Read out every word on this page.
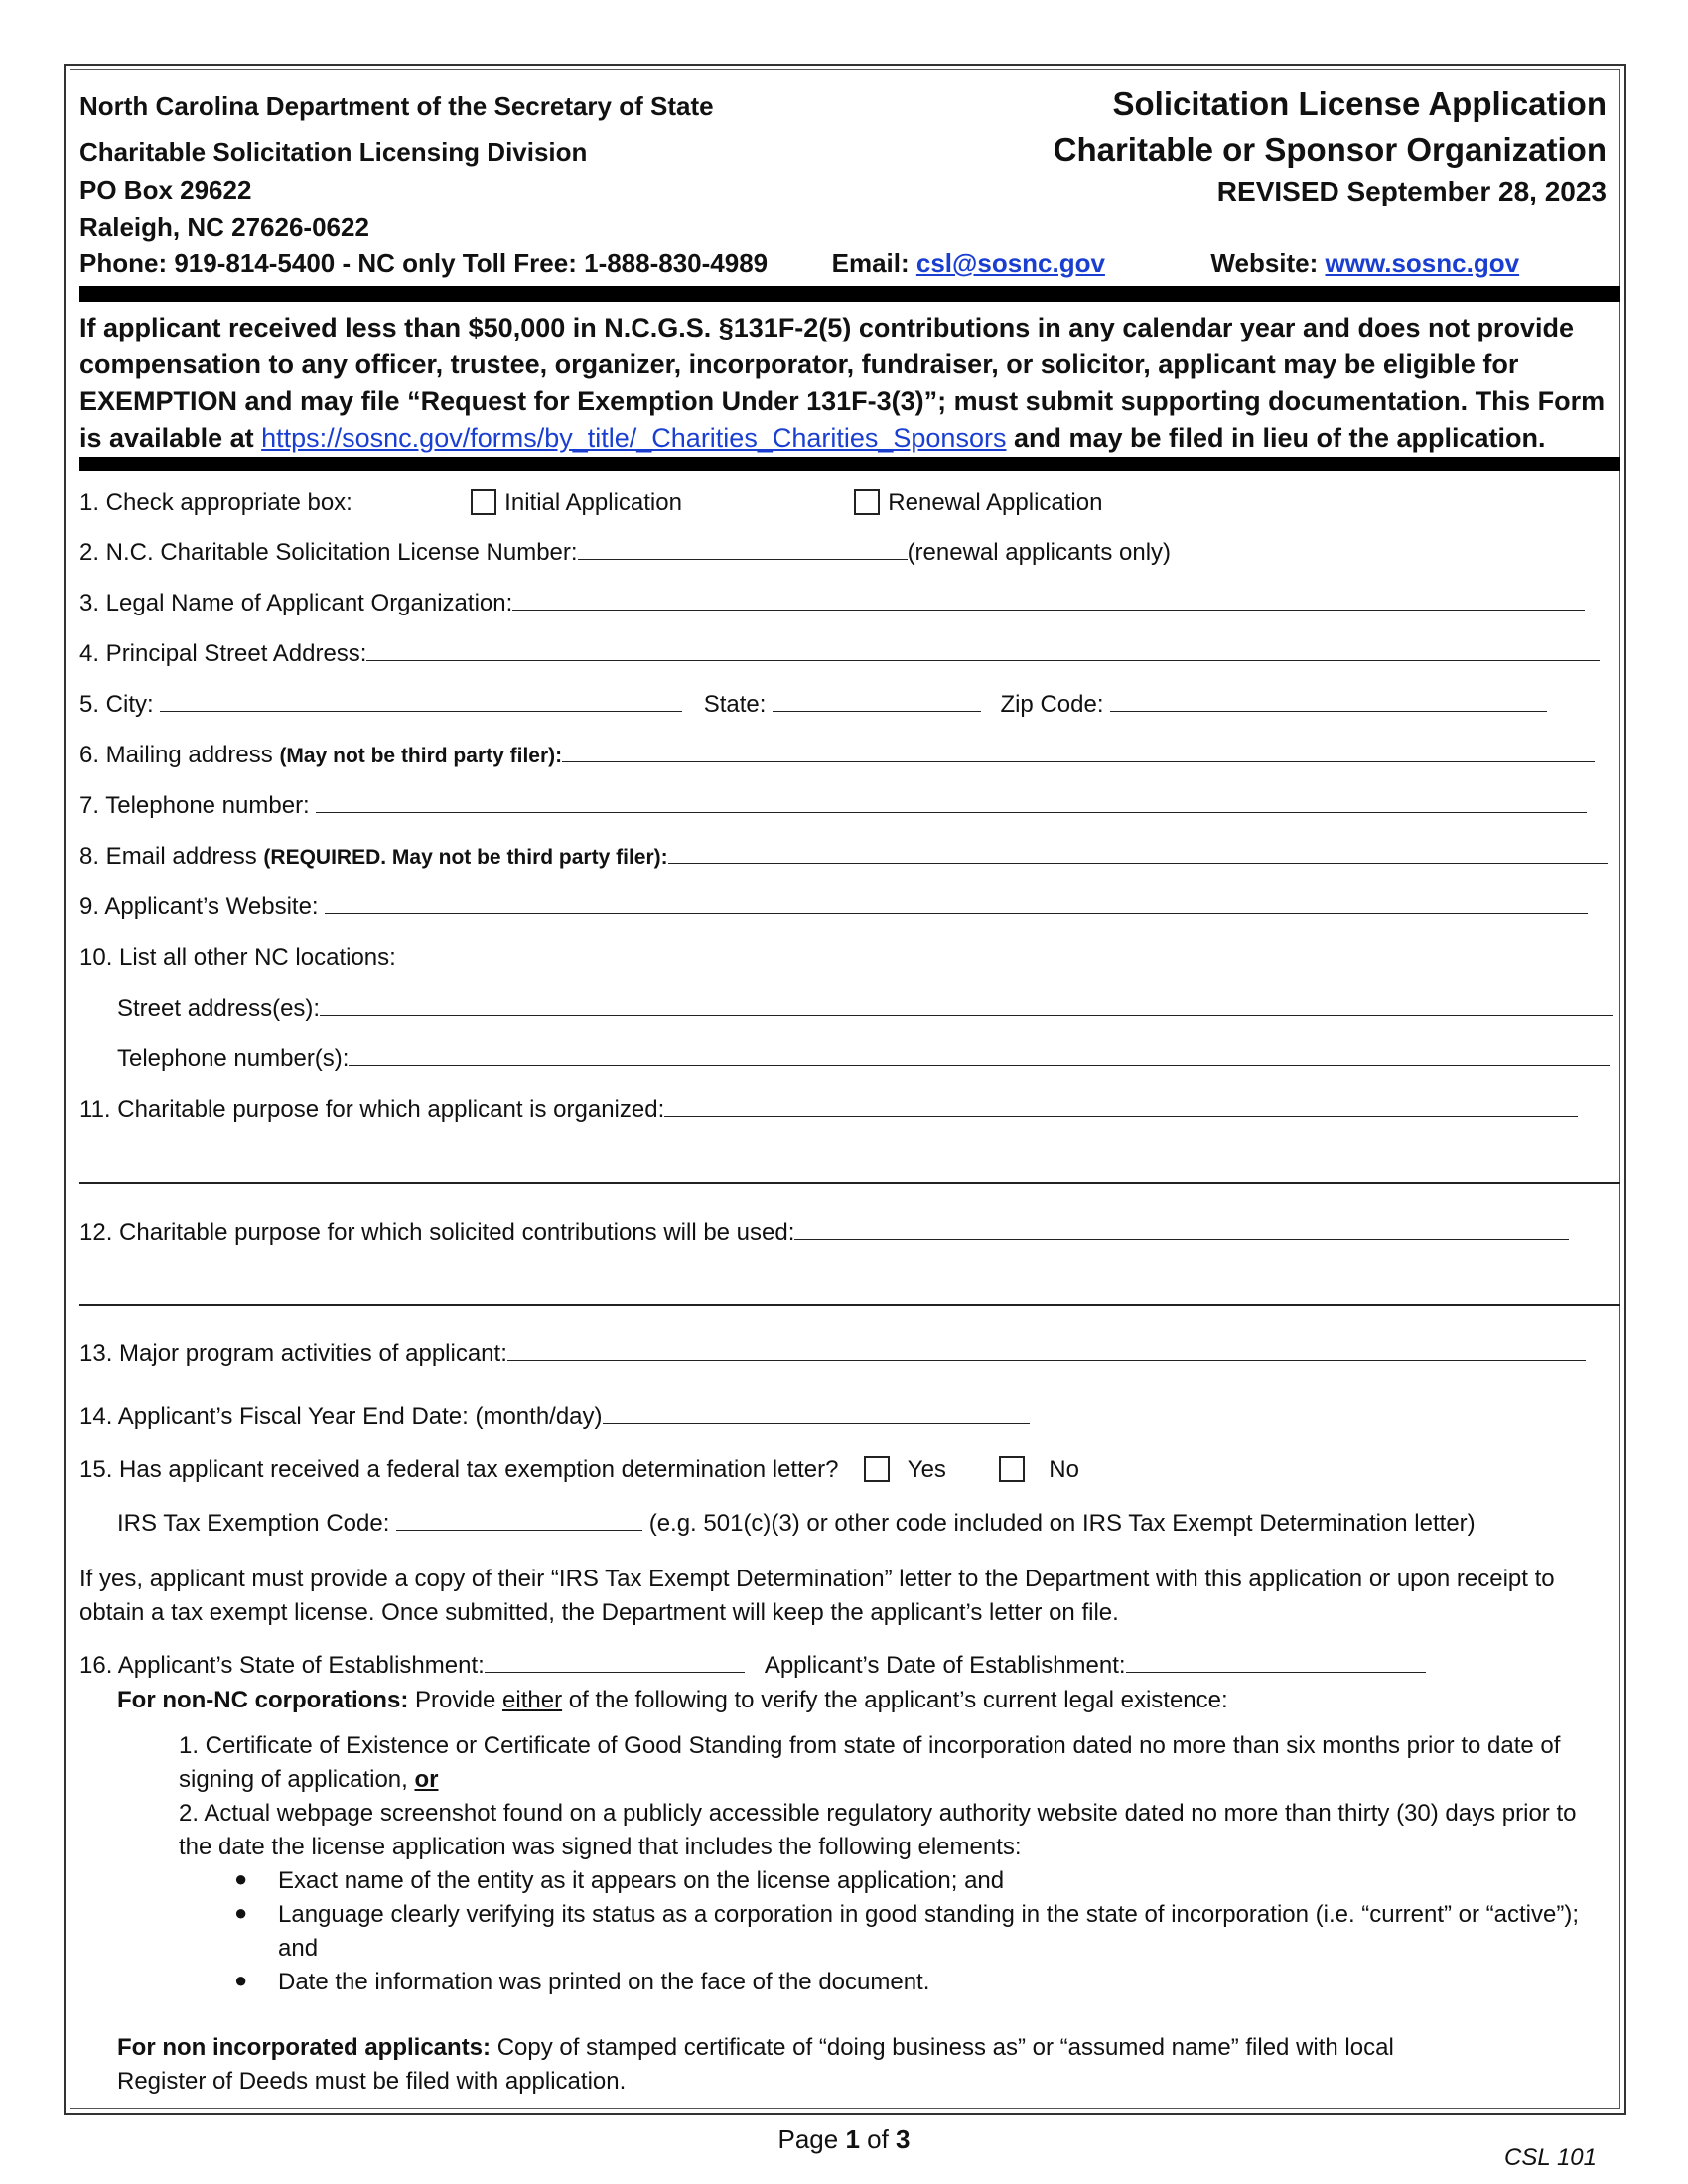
North Carolina Department of the Secretary of State
Charitable Solicitation Licensing Division
PO Box 29622
Raleigh, NC 27626-0622
Solicitation License Application
Charitable or Sponsor Organization
REVISED September 28, 2023
Phone: 919-814-5400 - NC only Toll Free: 1-888-830-4989 Email: csl@sosnc.gov	Website: www.sosnc.gov
If applicant received less than $50,000 in N.C.G.S. §131F-2(5) contributions in any calendar year and does not provide compensation to any officer, trustee, organizer, incorporator, fundraiser, or solicitor, applicant may be eligible for EXEMPTION and may file “Request for Exemption Under 131F-3(3)”; must submit supporting documentation. This Form is available at https://sosnc.gov/forms/by_title/_Charities_Charities_Sponsors and may be filed in lieu of the application.
1. Check appropriate box:	Initial Application	Renewal Application
2. N.C. Charitable Solicitation License Number:	(renewal applicants only)
3. Legal Name of Applicant Organization:
4. Principal Street Address:
5. City:	State:	Zip Code:
6. Mailing address (May not be third party filer):
7. Telephone number:
8. Email address (REQUIRED. May not be third party filer):
9. Applicant’s Website:
10. List all other NC locations:
Street address(es):
Telephone number(s):
11. Charitable purpose for which applicant is organized:
12. Charitable purpose for which solicited contributions will be used:
13. Major program activities of applicant:
14. Applicant’s Fiscal Year End Date: (month/day)
15. Has applicant received a federal tax exemption determination letter?	Yes	No
IRS Tax Exemption Code:	(e.g. 501(c)(3) or other code included on IRS Tax Exempt Determination letter)
If yes, applicant must provide a copy of their “IRS Tax Exempt Determination” letter to the Department with this application or upon receipt to obtain a tax exempt license. Once submitted, the Department will keep the applicant’s letter on file.
16. Applicant’s State of Establishment:	Applicant’s Date of Establishment:
For non-NC corporations: Provide either of the following to verify the applicant’s current legal existence:
1. Certificate of Existence or Certificate of Good Standing from state of incorporation dated no more than six months prior to date of signing of application, or
2. Actual webpage screenshot found on a publicly accessible regulatory authority website dated no more than thirty (30) days prior to the date the license application was signed that includes the following elements:
● Exact name of the entity as it appears on the license application; and
● Language clearly verifying its status as a corporation in good standing in the state of incorporation (i.e. “current” or “active”); and
● Date the information was printed on the face of the document.
For non incorporated applicants: Copy of stamped certificate of “doing business as” or “assumed name” filed with local Register of Deeds must be filed with application.
Page 1 of 3
CSL 101
